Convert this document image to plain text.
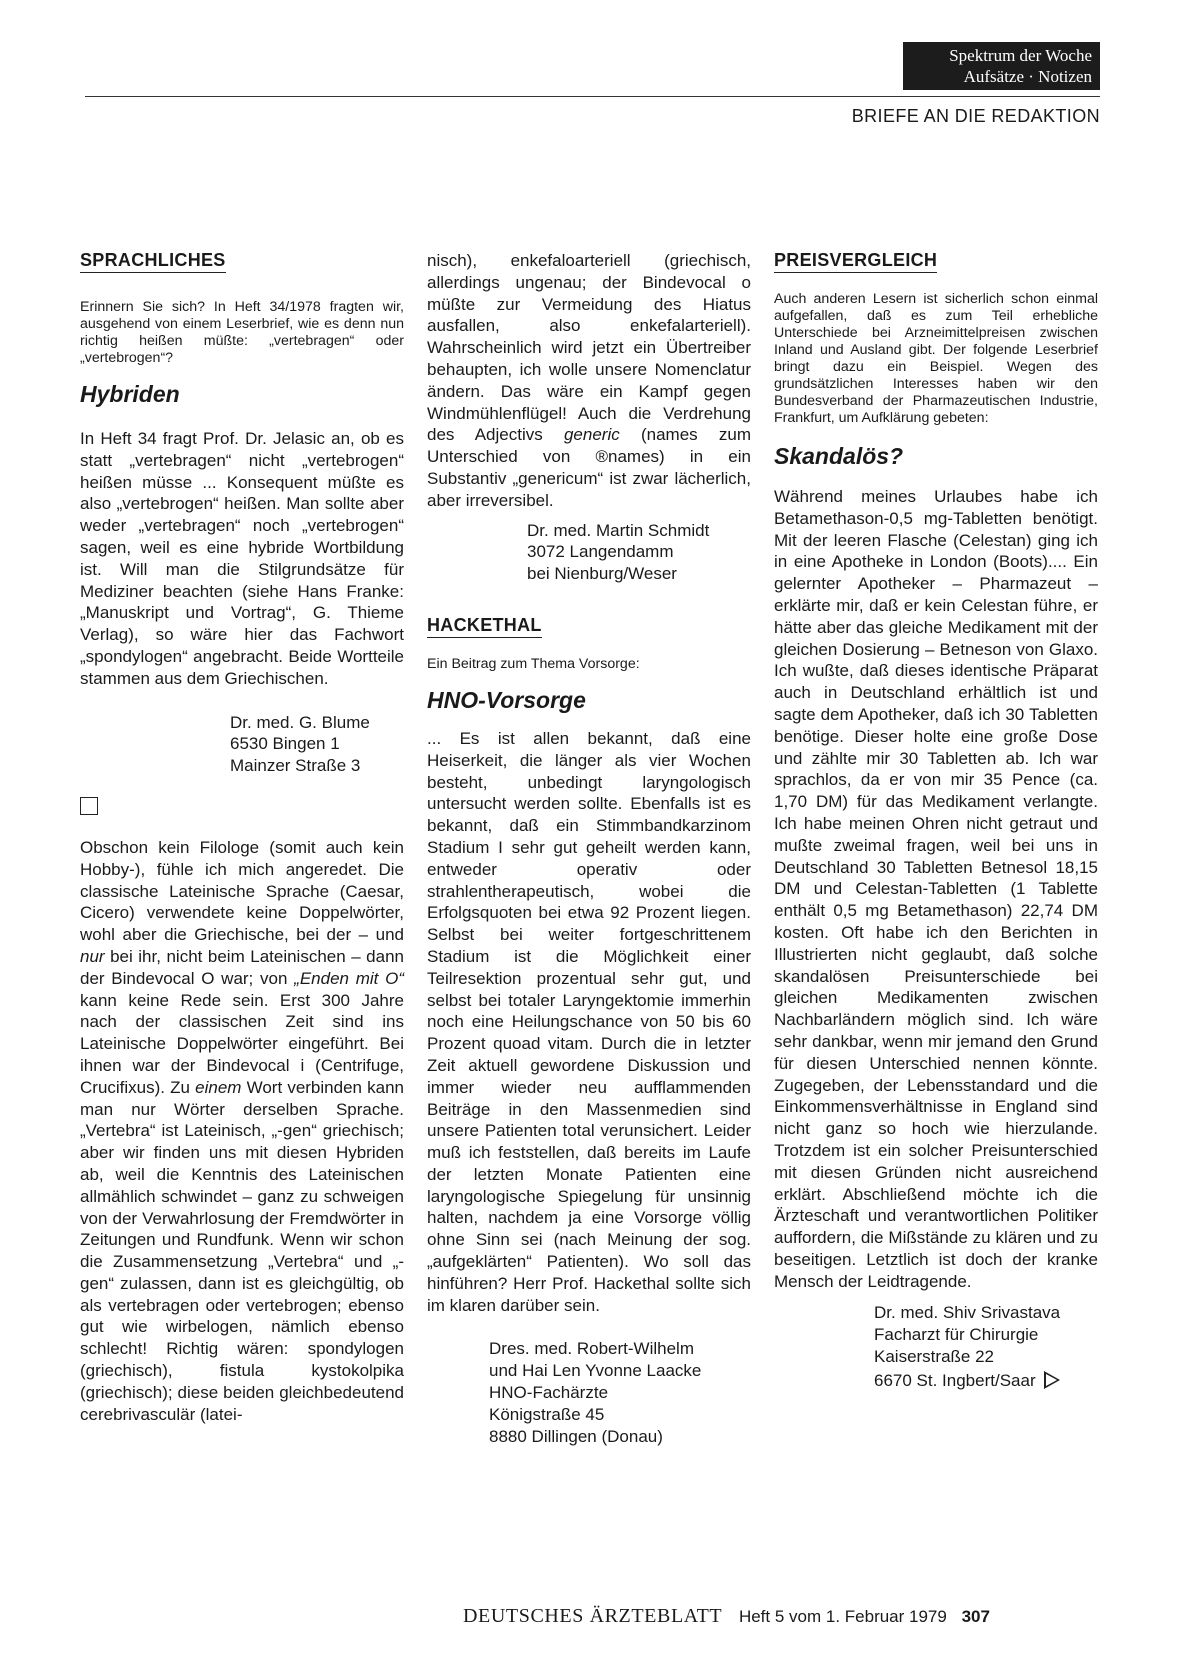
Spektrum der Woche
Aufsätze · Notizen
BRIEFE AN DIE REDAKTION
SPRACHLICHES

Erinnern Sie sich? In Heft 34/1978 fragten wir, ausgehend von einem Leserbrief, wie es denn nun richtig heißen müßte: „vertebragen“ oder „vertebrogen“?

Hybriden

In Heft 34 fragt Prof. Dr. Jelasic an, ob es statt „vertebragen“ nicht „vertebrogen“ heißen müsse ... Konsequent müßte es also „vertebrogen“ heißen. Man sollte aber weder „vertebragen“ noch „vertebrogen“ sagen, weil es eine hybride Wortbildung ist. Will man die Stilgrundsätze für Mediziner beachten (siehe Hans Franke: „Manuskript und Vortrag“, G. Thieme Verlag), so wäre hier das Fachwort „spondylogen“ angebracht. Beide Wortteile stammen aus dem Griechischen.

Dr. med. G. Blume
6530 Bingen 1
Mainzer Straße 3

Obschon kein Filologe (somit auch kein Hobby-), fühle ich mich angeredet. Die classische Lateinische Sprache (Caesar, Cicero) verwendete keine Doppelwörter, wohl aber die Griechische, bei der – und nur bei ihr, nicht beim Lateinischen – dann der Bindevocal O war; von „Enden mit O“ kann keine Rede sein. Erst 300 Jahre nach der classischen Zeit sind ins Lateinische Doppelwörter eingeführt. Bei ihnen war der Bindevocal i (Centrifuge, Crucifixus). Zu einem Wort verbinden kann man nur Wörter derselben Sprache. „Vertebra“ ist Lateinisch, „-gen“ griechisch; aber wir finden uns mit diesen Hybriden ab, weil die Kenntnis des Lateinischen allmählich schwindet – ganz zu schweigen von der Verwahrlosung der Fremdwörter in Zeitungen und Rundfunk. Wenn wir schon die Zusammensetzung „Vertebra“ und „-gen“ zulassen, dann ist es gleichgültig, ob als vertebragen oder vertebrogen; ebenso gut wie wirbelogen, nämlich ebenso schlecht! Richtig wären: spondylogen (griechisch), fistula kystokolpika (griechisch); diese beiden gleichbedeutend cerebrivasculär (latei-

nisch), enkefaloarteriell (griechisch, allerdings ungenau; der Bindevocal o müßte zur Vermeidung des Hiatus ausfallen, also enkefalarteriell). Wahrscheinlich wird jetzt ein Übertreiber behaupten, ich wolle unsere Nomenclatur ändern. Das wäre ein Kampf gegen Windmühlenflügel! Auch die Verdrehung des Adjectivs generic (names zum Unterschied von ®names) in ein Substantiv „genericum“ ist zwar lächerlich, aber irreversibel.

Dr. med. Martin Schmidt
3072 Langendamm
bei Nienburg/Weser
HACKETHAL

Ein Beitrag zum Thema Vorsorge:

HNO-Vorsorge

... Es ist allen bekannt, daß eine Heiserkeit, die länger als vier Wochen besteht, unbedingt laryngologisch untersucht werden sollte. Ebenfalls ist es bekannt, daß ein Stimmbandkarzinom Stadium I sehr gut geheilt werden kann, entweder operativ oder strahlentherapeutisch, wobei die Erfolgsquoten bei etwa 92 Prozent liegen. Selbst bei weiter fortgeschrittenem Stadium ist die Möglichkeit einer Teilresektion prozentual sehr gut, und selbst bei totaler Laryngektomie immerhin noch eine Heilungschance von 50 bis 60 Prozent quoad vitam. Durch die in letzter Zeit aktuell gewordene Diskussion und immer wieder neu aufflammenden Beiträge in den Massenmedien sind unsere Patienten total verunsichert. Leider muß ich feststellen, daß bereits im Laufe der letzten Monate Patienten eine laryngologische Spiegelung für unsinnig halten, nachdem ja eine Vorsorge völlig ohne Sinn sei (nach Meinung der sog. „aufgeklärten“ Patienten). Wo soll das hinführen? Herr Prof. Hackethal sollte sich im klaren darüber sein.

Dres. med. Robert-Wilhelm
und Hai Len Yvonne Laacke
HNO-Fachärzte
Königstraße 45
8880 Dillingen (Donau)
PREISVERGLEICH

Auch anderen Lesern ist sicherlich schon einmal aufgefallen, daß es zum Teil erhebliche Unterschiede bei Arzneimittelpreisen zwischen Inland und Ausland gibt. Der folgende Leserbrief bringt dazu ein Beispiel. Wegen des grundsätzlichen Interesses haben wir den Bundesverband der Pharmazeutischen Industrie, Frankfurt, um Aufklärung gebeten:

Skandalös?

Während meines Urlaubes habe ich Betamethason-0,5 mg-Tabletten benötigt. Mit der leeren Flasche (Celestan) ging ich in eine Apotheke in London (Boots).... Ein gelernter Apotheker – Pharmazeut – erklärte mir, daß er kein Celestan führe, er hätte aber das gleiche Medikament mit der gleichen Dosierung – Betneson von Glaxo. Ich wußte, daß dieses identische Präparat auch in Deutschland erhältlich ist und sagte dem Apotheker, daß ich 30 Tabletten benötige. Dieser holte eine große Dose und zählte mir 30 Tabletten ab. Ich war sprachlos, da er von mir 35 Pence (ca. 1,70 DM) für das Medikament verlangte. Ich habe meinen Ohren nicht getraut und mußte zweimal fragen, weil bei uns in Deutschland 30 Tabletten Betnesol 18,15 DM und Celestan-Tabletten (1 Tablette enthält 0,5 mg Betamethason) 22,74 DM kosten. Oft habe ich den Berichten in Illustrierten nicht geglaubt, daß solche skandalösen Preisunterschiede bei gleichen Medikamenten zwischen Nachbarländern möglich sind. Ich wäre sehr dankbar, wenn mir jemand den Grund für diesen Unterschied nennen könnte. Zugegeben, der Lebensstandard und die Einkommensverhältnisse in England sind nicht ganz so hoch wie hierzulande. Trotzdem ist ein solcher Preisunterschied mit diesen Gründen nicht ausreichend erklärt. Abschließend möchte ich die Ärzteschaft und verantwortlichen Politiker auffordern, die Mißstände zu klären und zu beseitigen. Letztlich ist doch der kranke Mensch der Leidtragende.

Dr. med. Shiv Srivastava
Facharzt für Chirurgie
Kaiserstraße 22
6670 St. Ingbert/Saar
DEUTSCHES ÄRZTEBLATT Heft 5 vom 1. Februar 1979 307
